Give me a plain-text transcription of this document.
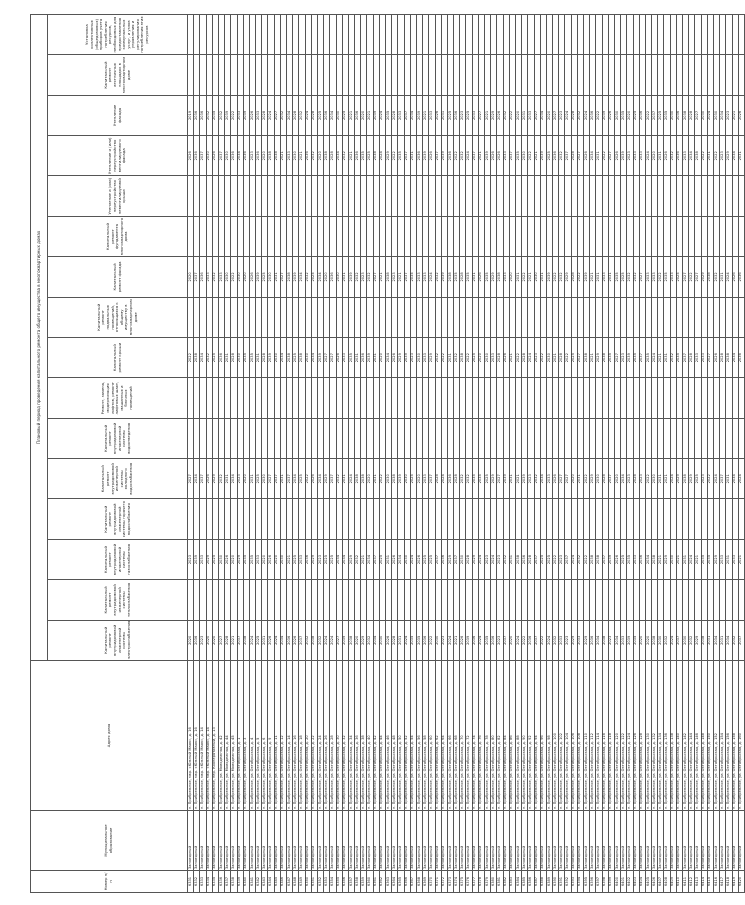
Номер п/п	Муниципальное образование	Адрес дома	Плановый период проведения капитального ремонта общего имущества в многоквартирных домах															
			Капитальный ремонт внутридомовой инженерной системы электроснабжения	Капитальный ремонт внутридомовой инженерной системы теплоснабжения	Капитальный ремонт внутридомовой инженерной системы газоснабжения	Капитальный ремонт внутридомовой инженерной системы горячего водоснабжения	Капитальный ремонт внутридомовой инженерной системы холодного водоснабжения	Капитальный ремонт внутридомовой инженерной системы водоотведения	Ремонт, замена, модернизация лифтов, ремонт лифтовых шахт, машинных и блочных помещений	Капитальный ремонт крыши	Капитальный ремонт подвальных помещений, относящихся к общему имуществу в многоквартирном доме	Капитальный ремонт фасада	Капитальный ремонт фундамента многоквартирного дома	Утепление и (или) переустройство невентилируемой крыши	Утепление и (или) переустройство вентилируемого фасада	Утепление фасада	Капитальный ремонт лестничных площадок в многоквартирном доме	Установка коллективных (общедомовых) приборов учета потребления ресурсов, необходимых для предоставления коммунальных услуг, и узлов управления и регулирования потребления этих ресурсов
6331	Заполярный	п. Прибрежное, мкр. «Южный Маяк», д. 16	2020		2023		2027			2022		2020			2026	2019		
6332	Заполярный	п. Прибрежное, мкр. «Южный Маяк», д. 16	2036		2039		2034			2038		2037			2036	2036		
6333	Заполярный	п. Прибрежное, мкр. «Южный Маяк», д. 14	2023		2033		2037			2034		2036			2037	2036		
6334	Заполярный	п. Прибрежное, мкр. «Южный Маяк», д. 14	2020		2029		2026			2032		2033			2030	2032		
6335	Заполярный	п. Прибрежное, пер. Кооперативный, д. 13	2020		2025		2029			2025		2032			2026	2035		
6336	Заполярный	п. Прибрежное, ул. Молодежная, д. 42	2027		2030		2032			2036		2033			2037	2032		
6337	Заполярный	п. Прибрежное, ул. Молодежная, д. 44	2028		2026		2031			2031		2030			2030	2039		
6338	Заполярный	п. Прибрежное, ул. Молодежная, д. 45	2021		2020		2034			2028		2022			2036	2022		
6339	Заполярный	п. Прибрежное, ул. Октябрьская, д. 1	2037		2029		2023			2030		2030			2034	2033		
6340	Заполярный	п. Прибрежное, ул. Октябрьская, д. 3	2038		2035		2020			2035		2020			2036	2039		
6341	Заполярный	п. Прибрежное, ул. Октябрьская, д. 4	2024		2035		2031			2035		2026			2023	2026		
6342	Заполярный	п. Прибрежное, ул. Октябрьская, д. 5	2025		2033		2025			2031		2039			2036	2033		
6343	Заполярный	п. Прибрежное, ул. Октябрьская, д. 6	2031		2020		2030			2028		2025			2020	2028		
6344	Заполярный	п. Прибрежное, ул. Октябрьская, д. 9	2026		2026		2027			2039		2030			2038	2024		
6345	Заполярный	п. Прибрежное, ул. Октябрьская, д. 11	2024		2020		2037			2030		2031			2038	2027		
6346	Заполярный	п. Прибрежное, ул. Октябрьская, д. 12	2034		2030		2031			2034		2027			2021	2032		
6347	Заполярный	п. Прибрежное, ул. Октябрьская, д. 14	2036		2021		2037			2038		2038			2033	2034		
6348	Заполярный	п. Прибрежное, ул. Октябрьская, д. 16	2026		2025		2034			2025		2039			2030	2028		
6349	Заполярный	п. Прибрежное, ул. Октябрьская, д. 18	2037		2033		2025			2038		2034			2021	2032		
6350	Заполярный	п. Прибрежное, ул. Октябрьская, д. 20	2032		2036		2022			2030		2032			2036	2024		
6351	Заполярный	п. Прибрежное, ул. Октябрьская, д. 22	2038		2029		2026			2034		2025			2032	2028		
6352	Заполярный	п. Прибрежное, ул. Октябрьская, д. 24	2032		2023		2034			2039		2034			2020	2025		
6353	Заполярный	п. Прибрежное, ул. Октябрьская, д. 26	2024		2025		2029			2027		2020			2038	2036		
6354	Заполярный	п. Прибрежное, ул. Октябрьская, д. 28	2024		2025		2037			2027		2036			2028	2034		
6355	Заполярный	п. Прибрежное, ул. Октябрьская, д. 30	2027		2034		2032			2026		2030			2034	2030		
6356	Заполярный	п. Прибрежное, ул. Октябрьская, д. 32	2039		2034		2031			2033		2031			2032	2025		
6357	Заполярный	п. Прибрежное, ул. Октябрьская, д. 34	2038		2029		2024			2035		2039			2021	2021		
6358	Заполярный	п. Прибрежное, ул. Октябрьская, д. 36	2020		2032		2038			2031		2032			2036	2036		
6359	Заполярный	п. Прибрежное, ул. Октябрьская, д. 38	2029		2021		2038			2036		2023			2035	2020		
6360	Заполярный	п. Прибрежное, ул. Октябрьская, д. 40	2032		2034		2020			2039		2032			2025	2021		
6361	Заполярный	п. Прибрежное, ул. Октябрьская, д. 42	2034		2037		2031			2031		2027			2038	2039		
6362	Заполярный	п. Прибрежное, ул. Октябрьская, д. 44	2030		2025		2022			2020		2021			2024	2024		
6363	Заполярный	п. Прибрежное, ул. Октябрьская, д. 46	2026		2031		2030			2034		2038			2029	2035		
6364	Заполярный	п. Прибрежное, ул. Октябрьская, д. 48	2028		2026		2038			2026		2023			2022	2028		
6365	Заполярный	п. Прибрежное, ул. Октябрьская, д. 50	2031		2034		2039			2029		2021			2035	2033		
6366	Заполярный	п. Прибрежное, ул. Октябрьская, д. 52	2024		2030		2030			2039		2037			2037	2037		
6367	Заполярный	п. Прибрежное, ул. Октябрьская, д. 54	2035		2024		2025			2023		2035			2031	2034		
6368	Заполярный	п. Прибрежное, ул. Октябрьская, д. 56	2035		2026		2020			2030		2033			2036	2039		
6369	Заполярный	п. Прибрежное, ул. Октябрьская, д. 58	2036		2025		2033			2033		2033			2039	2021		
6370	Заполярный	п. Прибрежное, ул. Октябрьская, д. 60	2022		2025		2037			2029		2024			2026	2033		
6371	Заполярный	п. Прибрежное, ул. Октябрьская, д. 62	2030		2037		2028			2032		2032			2037	2026		
6372	Заполярный	п. Прибрежное, ул. Октябрьская, д. 64	2023		2036		2024			2022		2039			2039	2031		
6373	Заполярный	п. Прибрежное, ул. Октябрьская, д. 66	2024		2029		2036			2031		2038			2036	2025		
6374	Заполярный	п. Прибрежное, ул. Октябрьская, д. 68	2021		2037		2028			2032		2035			2022	2036		
6375	Заполярный	п. Прибрежное, ул. Октябрьская, д. 70	2026		2030		2032			2038		2028			2032	2023		
6376	Заполярный	п. Прибрежное, ул. Октябрьская, д. 72	2039		2028		2032			2022		2035			2024	2025		
6377	Заполярный	п. Прибрежное, ул. Октябрьская, д. 74	2036		2029		2035			2025		2031			2037	2033		
6378	Заполярный	п. Прибрежное, ул. Октябрьская, д. 76	2024		2024		2035			2020		2026			2021	2027		
6379	Заполярный	п. Прибрежное, ул. Октябрьская, д. 78	2035		2023		2025			2030		2035			2039	2021		
6380	Заполярный	п. Прибрежное, ул. Октябрьская, д. 80	2036		2024		2029			2033		2029			2026	2029		
6381	Заполярный	п. Прибрежное, ул. Октябрьская, д. 82	2023		2023		2027			2028		2038			2026	2026		
6382	Заполярный	п. Прибрежное, ул. Октябрьская, д. 84	2037		2032		2039			2026		2033			2033	2032		
6383	Заполярный	п. Прибрежное, ул. Октябрьская, д. 86	2020		2031		2031			2021		2020			2037	2022		
6384	Заполярный	п. Прибрежное, ул. Октябрьская, д. 88	2024		2038		2021			2022		2031			2035	2020		
6385	Заполярный	п. Прибрежное, ул. Октябрьская, д. 90	2022		2036		2039			2028		2022			2030	2031		
6386	Заполярный	п. Прибрежное, ул. Октябрьская, д. 92	2036		2028		2023			2024		2021			2022	2033		
6387	Заполярный	п. Прибрежное, ул. Октябрьская, д. 94	2037		2037		2032			2023		2030			2021	2027		
6388	Заполярный	п. Прибрежное, ул. Октябрьская, д. 96	2022		2025		2034			2022		2031			2039	2034		
6389	Заполярный	п. Прибрежное, ул. Октябрьская, д. 98	2024		2025		2033			2030		2039			2025	2020		
6390	Заполярный	п. Прибрежное, ул. Октябрьская, д. 100	2032		2022		2026			2021		2022			2036	2027		
6391	Заполярный	п. Прибрежное, ул. Октябрьская, д. 102	2033		2023		2027			2028		2032			2032	2023		
6392	Заполярный	п. Прибрежное, ул. Октябрьская, д. 104	2023		2037		2027			2022		2029			2037	2024		
6393	Заполярный	п. Прибрежное, ул. Октябрьская, д. 106	2029		2024		2020			2025		2028			2028	2028		
6394	Заполярный	п. Прибрежное, ул. Октябрьская, д. 108	2033		2032		2031			2027		2022			2027	2032		
6395	Заполярный	п. Прибрежное, ул. Октябрьская, д. 110	2029		2022		2022			2038		2039			2026	2024		
6396	Заполярный	п. Прибрежное, ул. Октябрьская, д. 112	2036		2038		2029			2021		2021			2034	2036		
6397	Заполярный	п. Прибрежное, ул. Октябрьская, д. 114	2034		2038		2030			2029		2031			2031	2022		
6398	Заполярный	п. Прибрежное, ул. Октябрьская, д. 116	2038		2037		2028			2038		2033			2022	2039		
6399	Заполярный	п. Прибрежное, ул. Октябрьская, д. 118	2023		2039		2037			2035		2031			2027	2026		
6400	Заполярный	п. Прибрежное, ул. Октябрьская, д. 120	2034		2026		2020			2027		2035			2026	2030		
6401	Заполярный	п. Прибрежное, ул. Октябрьская, д. 122	2033		2025		2034			2023		2025			2039	2035		
6402	Заполярный	п. Прибрежное, ул. Октябрьская, д. 124	2039		2035		2023			2039		2032			2023	2020		
6403	Заполярный	п. Прибрежное, ул. Октябрьская, д. 126	2035		2033		2028			2035		2032			2033	2025		
6404	Заполярный	п. Прибрежное, ул. Октябрьская, д. 128	2020		2036		2023			2037		2027			2033	2036		
6405	Заполярный	п. Прибрежное, ул. Октябрьская, д. 130	2020		2034		2022			2035		2033			2024	2022		
6406	Заполярный	п. Прибрежное, ул. Октябрьская, д. 132	2038		2038		2030			2024		2033			2020	2037		
6407	Заполярный	п. Прибрежное, ул. Октябрьская, д. 134	2030		2021		2031			2021		2022			2031	2025		
6408	Заполярный	п. Прибрежное, ул. Октябрьская, д. 136	2032		2029		2021			2031		2035			2026	2035		
6409	Заполярный	п. Прибрежное, ул. Октябрьская, д. 138	2024		2030		2024			2032		2033			2032	2030		
6410	Заполярный	п. Прибрежное, ул. Октябрьская, д. 140	2037		2021		2029			2035		2025			2036	2036		
6411	Заполярный	п. Прибрежное, ул. Октябрьская, д. 142	2030		2031		2038			2037		2027			2033	2038		
6412	Заполярный	п. Прибрежное, ул. Октябрьская, д. 144	2032		2024		2029			2028		2022			2034	2028		
6413	Заполярный	п. Прибрежное, ул. Октябрьская, д. 146	2029		2021		2025			2033		2027			2038	2027		
6414	Заполярный	п. Прибрежное, ул. Октябрьская, д. 148	2038		2035		2023			2033		2029			2022	2030		
6415	Заполярный	п. Прибрежное, ул. Октябрьская, д. 150	2031		2035		2022			2027		2038			2031	2024		
6416	Заполярный	п. Прибрежное, ул. Октябрьская, д. 152	2034		2029		2024			2026		2032			2022	2030		
6417	Заполярный	п. Прибрежное, ул. Октябрьская, д. 154	2031		2033		2037			2028		2031			2023	2034		
6418	Заполярный	п. Прибрежное, ул. Октябрьская, д. 156	2034		2031		2031			2038		2024			2029	2023		
6419	Заполярный	п. Прибрежное, ул. Октябрьская, д. 158	2032		2033		2034			2034		2026			2034	2021		
6420	Заполярный	п. Прибрежное, ул. Октябрьская, д. 160	2037		2021		2024			2036		2036			2031	2026		
